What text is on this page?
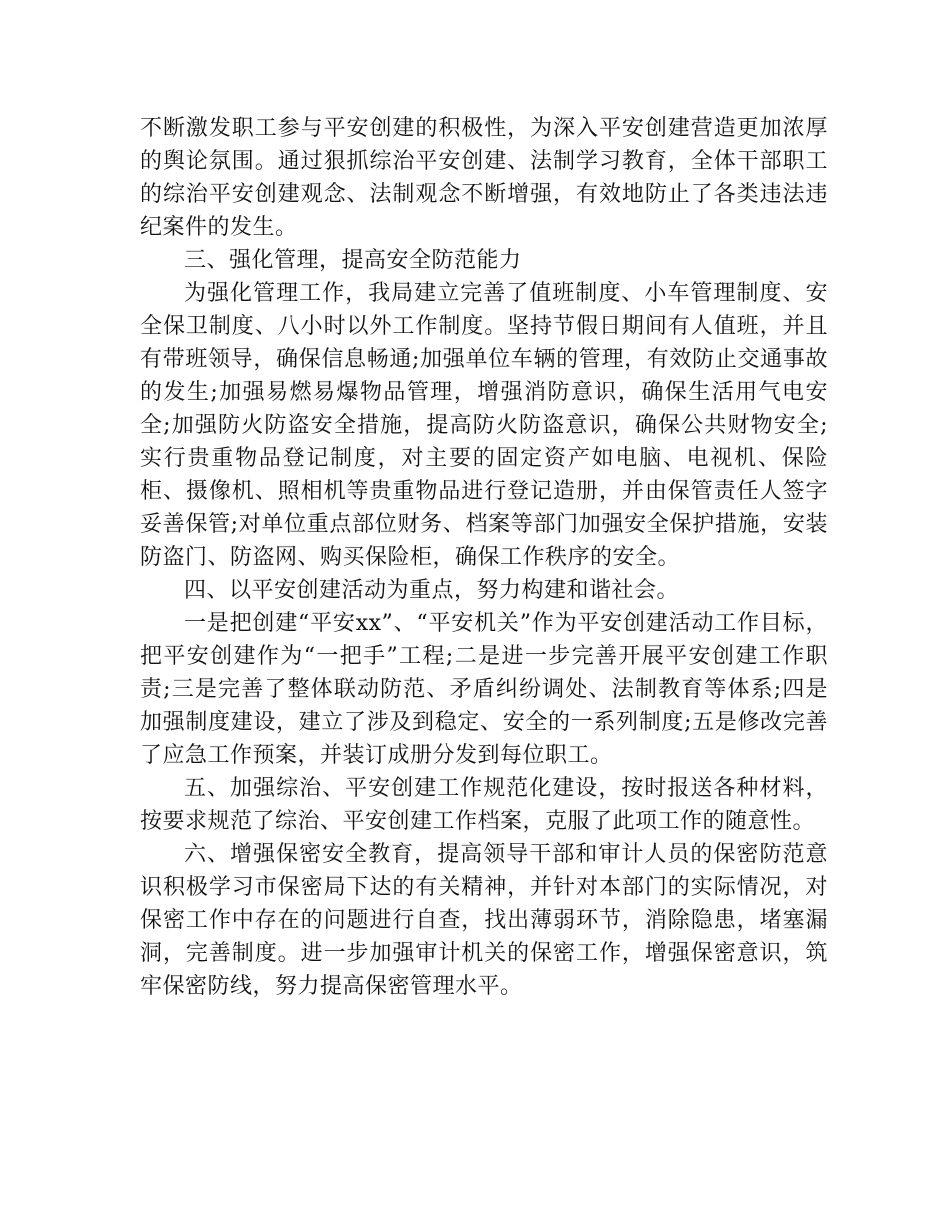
不断激发职工参与平安创建的积极性，为深入平安创建营造更加浓厚的舆论氛围。通过狠抓综治平安创建、法制学习教育，全体干部职工的综治平安创建观念、法制观念不断增强，有效地防止了各类违法违纪案件的发生。

三、强化管理，提高安全防范能力

为强化管理工作，我局建立完善了值班制度、小车管理制度、安全保卫制度、八小时以外工作制度。坚持节假日期间有人值班，并且有带班领导，确保信息畅通;加强单位车辆的管理，有效防止交通事故的发生;加强易燃易爆物品管理，增强消防意识，确保生活用气电安全;加强防火防盗安全措施，提高防火防盗意识，确保公共财物安全;实行贵重物品登记制度，对主要的固定资产如电脑、电视机、保险柜、摄像机、照相机等贵重物品进行登记造册，并由保管责任人签字妥善保管;对单位重点部位财务、档案等部门加强安全保护措施，安装防盗门、防盗网、购买保险柜，确保工作秩序的安全。

四、以平安创建活动为重点，努力构建和谐社会。

一是把创建“平安xx”、“平安机关”作为平安创建活动工作目标，把平安创建作为“一把手”工程;二是进一步完善开展平安创建工作职责;三是完善了整体联动防范、矛盾纠纷调处、法制教育等体系;四是加强制度建设，建立了涉及到稳定、安全的一系列制度;五是修改完善了应急工作预案，并装订成册分发到每位职工。

五、加强综治、平安创建工作规范化建设，按时报送各种材料，按要求规范了综治、平安创建工作档案，克服了此项工作的随意性。

六、增强保密安全教育，提高领导干部和审计人员的保密防范意识积极学习市保密局下达的有关精神，并针对本部门的实际情况，对保密工作中存在的问题进行自查，找出薄弱环节，消除隐患，堵塞漏洞，完善制度。进一步加强审计机关的保密工作，增强保密意识，筑牢保密防线，努力提高保密管理水平。
